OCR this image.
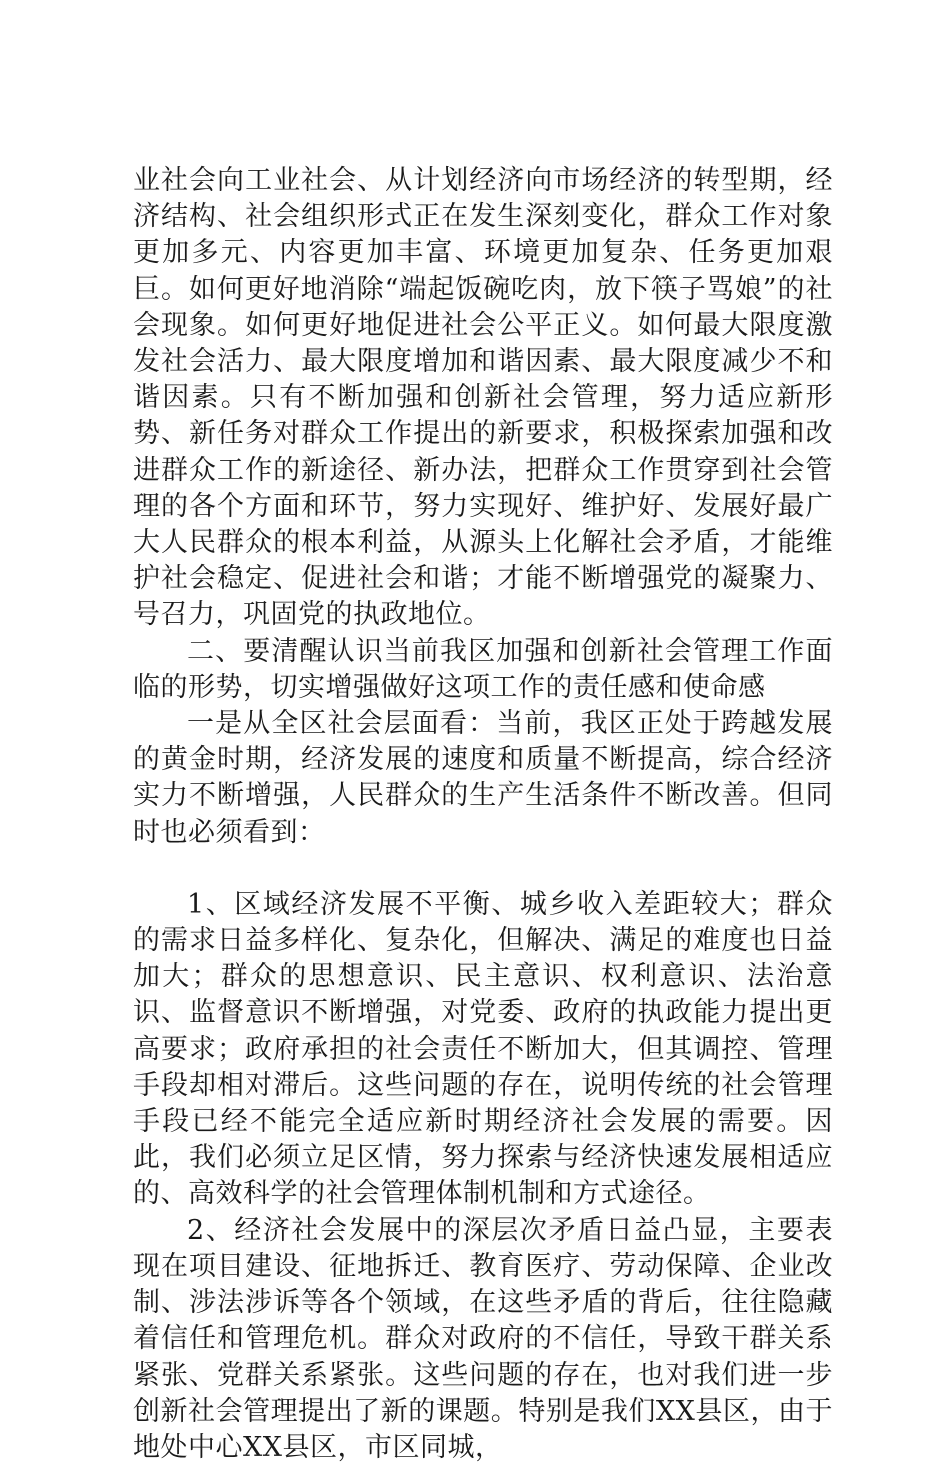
业社会向工业社会、从计划经济向市场经济的转型期，经济结构、社会组织形式正在发生深刻变化，群众工作对象更加多元、内容更加丰富、环境更加复杂、任务更加艰巨。如何更好地消除“端起饭碗吃肉，放下筷子骂娘”的社会现象。如何更好地促进社会公平正义。如何最大限度激发社会活力、最大限度增加和谐因素、最大限度减少不和谐因素。只有不断加强和创新社会管理，努力适应新形势、新任务对群众工作提出的新要求，积极探索加强和改进群众工作的新途径、新办法，把群众工作贯穿到社会管理的各个方面和环节，努力实现好、维护好、发展好最广大人民群众的根本利益，从源头上化解社会矛盾，才能维护社会稳定、促进社会和谐；才能不断增强党的凝聚力、号召力，巩固党的执政地位。

二、要清醒认识当前我区加强和创新社会管理工作面临的形势，切实增强做好这项工作的责任感和使命感

一是从全区社会层面看：当前，我区正处于跨越发展的黄金时期，经济发展的速度和质量不断提高，综合经济实力不断增强，人民群众的生产生活条件不断改善。但同时也必须看到：

1、区域经济发展不平衡、城乡收入差距较大；群众的需求日益多样化、复杂化，但解决、满足的难度也日益加大；群众的思想意识、民主意识、权利意识、法治意识、监督意识不断增强，对党委、政府的执政能力提出更高要求；政府承担的社会责任不断加大，但其调控、管理手段却相对滞后。这些问题的存在，说明传统的社会管理手段已经不能完全适应新时期经济社会发展的需要。因此，我们必须立足区情，努力探索与经济快速发展相适应的、高效科学的社会管理体制机制和方式途径。

2、经济社会发展中的深层次矛盾日益凸显，主要表现在项目建设、征地拆迁、教育医疗、劳动保障、企业改制、涉法涉诉等各个领域，在这些矛盾的背后，往往隐藏着信任和管理危机。群众对政府的不信任，导致干群关系紧张、党群关系紧张。这些问题的存在，也对我们进一步创新社会管理提出了新的课题。特别是我们XX县区，由于地处中心XX县区，市区同城，
